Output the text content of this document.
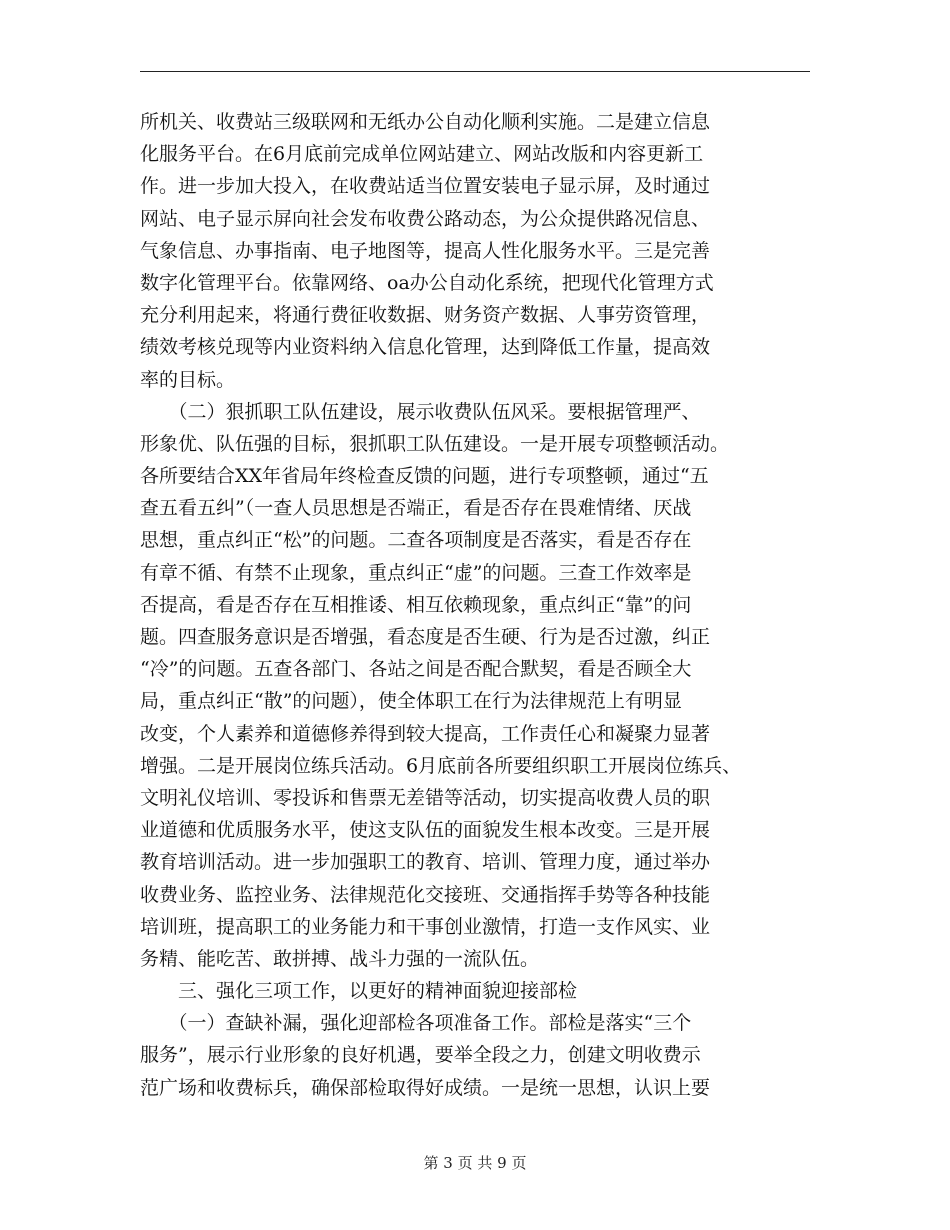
所机关、收费站三级联网和无纸办公自动化顺利实施。二是建立信息
化服务平台。在6月底前完成单位网站建立、网站改版和内容更新工
作。进一步加大投入，在收费站适当位置安装电子显示屏，及时通过
网站、电子显示屏向社会发布收费公路动态，为公众提供路况信息、
气象信息、办事指南、电子地图等，提高人性化服务水平。三是完善
数字化管理平台。依靠网络、oa办公自动化系统，把现代化管理方式
充分利用起来，将通行费征收数据、财务资产数据、人事劳资管理，
绩效考核兑现等内业资料纳入信息化管理，达到降低工作量，提高效
率的目标。
　　（二）狠抓职工队伍建设，展示收费队伍风采。要根据管理严、
形象优、队伍强的目标，狠抓职工队伍建设。一是开展专项整顿活动。
各所要结合XX年省局年终检查反馈的问题，进行专项整顿，通过“五
查五看五纠”（一查人员思想是否端正，看是否存在畏难情绪、厌战
思想，重点纠正“松”的问题。二查各项制度是否落实，看是否存在
有章不循、有禁不止现象，重点纠正“虚”的问题。三查工作效率是
否提高，看是否存在互相推诿、相互依赖现象，重点纠正“靠”的问
题。四查服务意识是否增强，看态度是否生硬、行为是否过激，纠正
“冷”的问题。五查各部门、各站之间是否配合默契，看是否顾全大
局，重点纠正“散”的问题），使全体职工在行为法律规范上有明显
改变，个人素养和道德修养得到较大提高，工作责任心和凝聚力显著
增强。二是开展岗位练兵活动。6月底前各所要组织职工开展岗位练兵、
文明礼仪培训、零投诉和售票无差错等活动，切实提高收费人员的职
业道德和优质服务水平，使这支队伍的面貌发生根本改变。三是开展
教育培训活动。进一步加强职工的教育、培训、管理力度，通过举办
收费业务、监控业务、法律规范化交接班、交通指挥手势等各种技能
培训班，提高职工的业务能力和干事创业激情，打造一支作风实、业
务精、能吃苦、敢拼搏、战斗力强的一流队伍。
　　三、强化三项工作，以更好的精神面貌迎接部检
　　（一）查缺补漏，强化迎部检各项准备工作。部检是落实“三个
服务”，展示行业形象的良好机遇，要举全段之力，创建文明收费示
范广场和收费标兵，确保部检取得好成绩。一是统一思想，认识上要
第 3 页 共 9 页
